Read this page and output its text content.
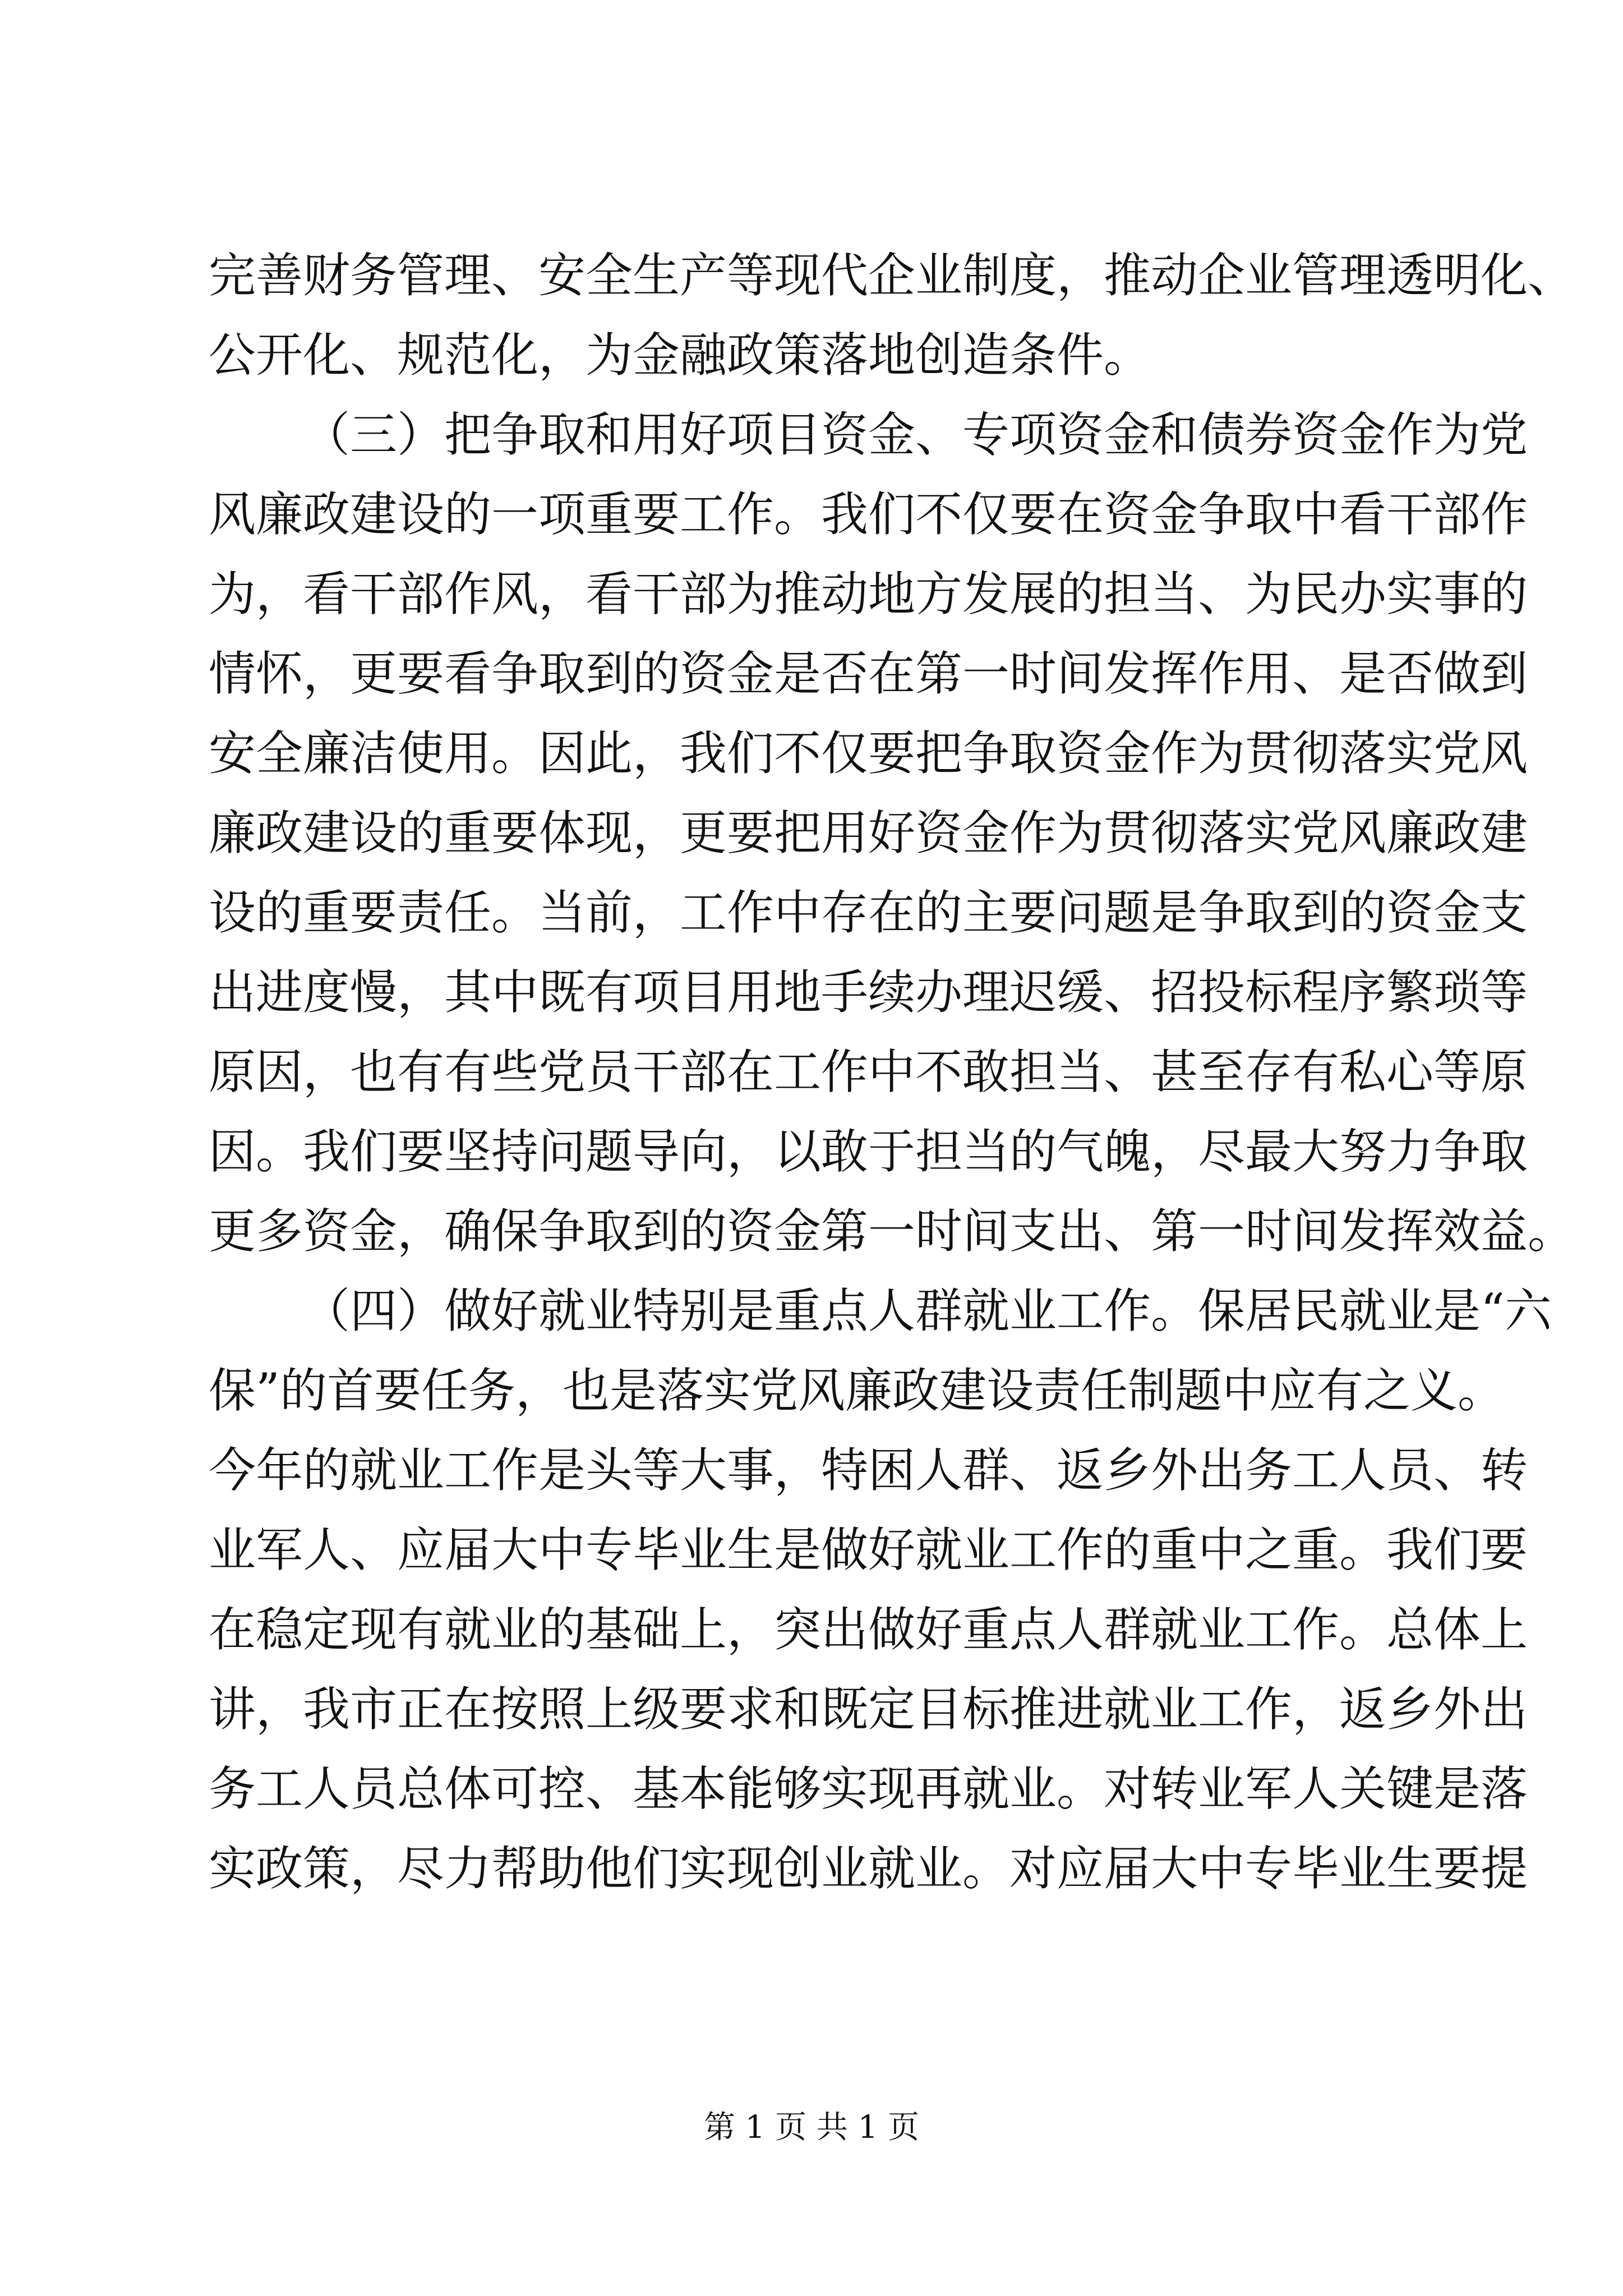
完善财务管理、安全生产等现代企业制度，推动企业管理透明化、
公开化、规范化，为金融政策落地创造条件。
（三）把争取和用好项目资金、专项资金和债券资金作为党
风廉政建设的一项重要工作。我们不仅要在资金争取中看干部作
为，看干部作风，看干部为推动地方发展的担当、为民办实事的
情怀，更要看争取到的资金是否在第一时间发挥作用、是否做到
安全廉洁使用。因此，我们不仅要把争取资金作为贯彻落实党风
廉政建设的重要体现，更要把用好资金作为贯彻落实党风廉政建
设的重要责任。当前，工作中存在的主要问题是争取到的资金支
出进度慢，其中既有项目用地手续办理迟缓、招投标程序繁琐等
原因，也有有些党员干部在工作中不敢担当、甚至存有私心等原
因。我们要坚持问题导向，以敢于担当的气魄，尽最大努力争取
更多资金，确保争取到的资金第一时间支出、第一时间发挥效益。
（四）做好就业特别是重点人群就业工作。保居民就业是“六
保”的首要任务，也是落实党风廉政建设责任制题中应有之义。
今年的就业工作是头等大事，特困人群、返乡外出务工人员、转
业军人、应届大中专毕业生是做好就业工作的重中之重。我们要
在稳定现有就业的基础上，突出做好重点人群就业工作。总体上
讲，我市正在按照上级要求和既定目标推进就业工作，返乡外出
务工人员总体可控、基本能够实现再就业。对转业军人关键是落
实政策，尽力帮助他们实现创业就业。对应届大中专毕业生要提
第 1 页 共 1 页
